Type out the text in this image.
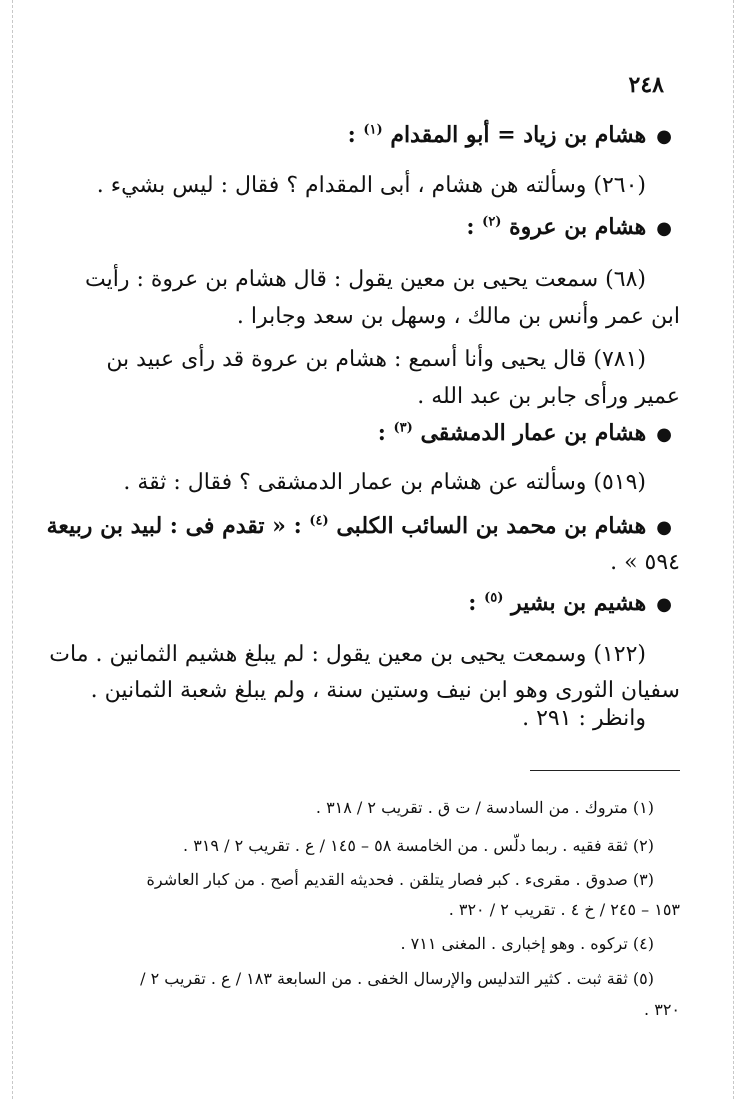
٢٤٨
●هشام بن زياد = أبو المقدام $^{(١)}$ :
(٢٦٠) وسألته هن هشام ، أبى المقدام ؟ فقال : ليس بشيء .
●هشام بن عروة $^{(٢)}$ :
(٦٨) سمعت يحيى بن معين يقول : قال هشام بن عروة : رأيت
ابن عمر وأنس بن مالك ، وسهل بن سعد وجابرا .
(٧٨١) قال يحيى وأنا أسمع : هشام بن عروة قد رأى عبيد بن
عمير ورأى جابر بن عبد الله .
●هشام بن عمار الدمشقى $^{(٣)}$ :
(٥١٩) وسألته عن هشام بن عمار الدمشقى ؟ فقال : ثقة .
●هشام بن محمد بن السائب الكلبى $^{(٤)}$ : « تقدم فى : لبيد بن ربيعة
٥٩٤ » .
●هشيم بن بشير $^{(٥)}$ :
(١٢٢) وسمعت يحيى بن معين يقول : لم يبلغ هشيم الثمانين . مات
سفيان الثورى وهو ابن نيف وستين سنة ، ولم يبلغ شعبة الثمانين .
وانظر : ٢٩١ .
(١) متروك . من السادسة / ت ق . تقريب ٢ / ٣١٨ .
(٢) ثقة فقيه . ربما دلّس . من الخامسة ٥٨ – ١٤٥ / ع . تقريب ٢ / ٣١٩ .
(٣) صدوق . مقرىء . كبر فصار يتلقن . فحديثه القديم أصح . من كبار العاشرة
١٥٣ – ٢٤٥ / خ ٤ . تقريب ٢ / ٣٢٠ .
(٤) تركوه . وهو إخبارى . المغنى ٧١١ .
(٥) ثقة ثبت . كثير التدليس والإرسال الخفى . من السابعة ١٨٣ / ع . تقريب ٢ /
٣٢٠ .
